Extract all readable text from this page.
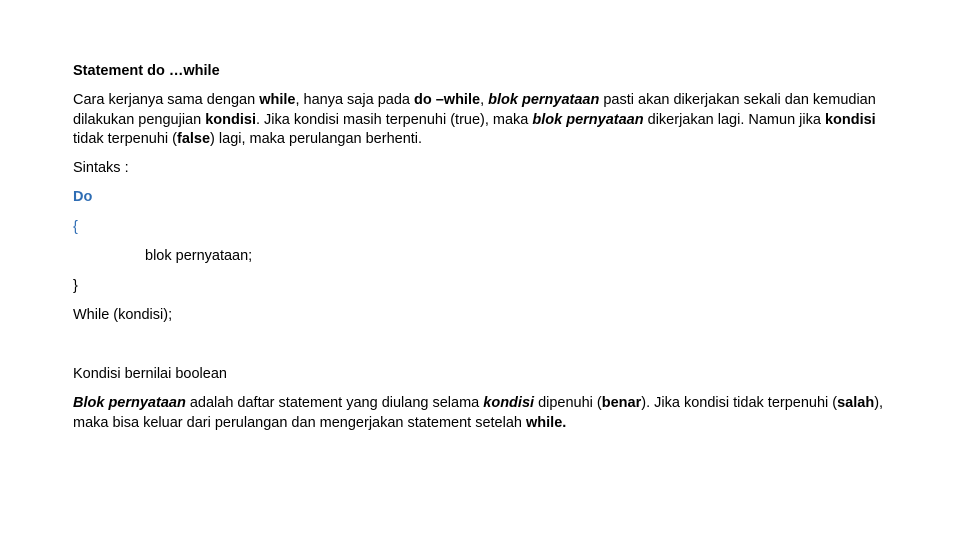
Statement do …while

Cara kerjanya sama dengan while, hanya saja pada do –while, blok pernyataan pasti akan dikerjakan sekali dan kemudian dilakukan pengujian kondisi. Jika kondisi masih terpenuhi (true), maka blok pernyataan dikerjakan lagi. Namun jika kondisi tidak terpenuhi (false) lagi, maka perulangan berhenti.

Sintaks :

Do

{

blok pernyataan;

}

While (kondisi);

Kondisi bernilai boolean

Blok pernyataan adalah daftar statement yang diulang selama kondisi dipenuhi (benar). Jika kondisi tidak terpenuhi (salah), maka bisa keluar dari perulangan dan mengerjakan statement setelah while.
